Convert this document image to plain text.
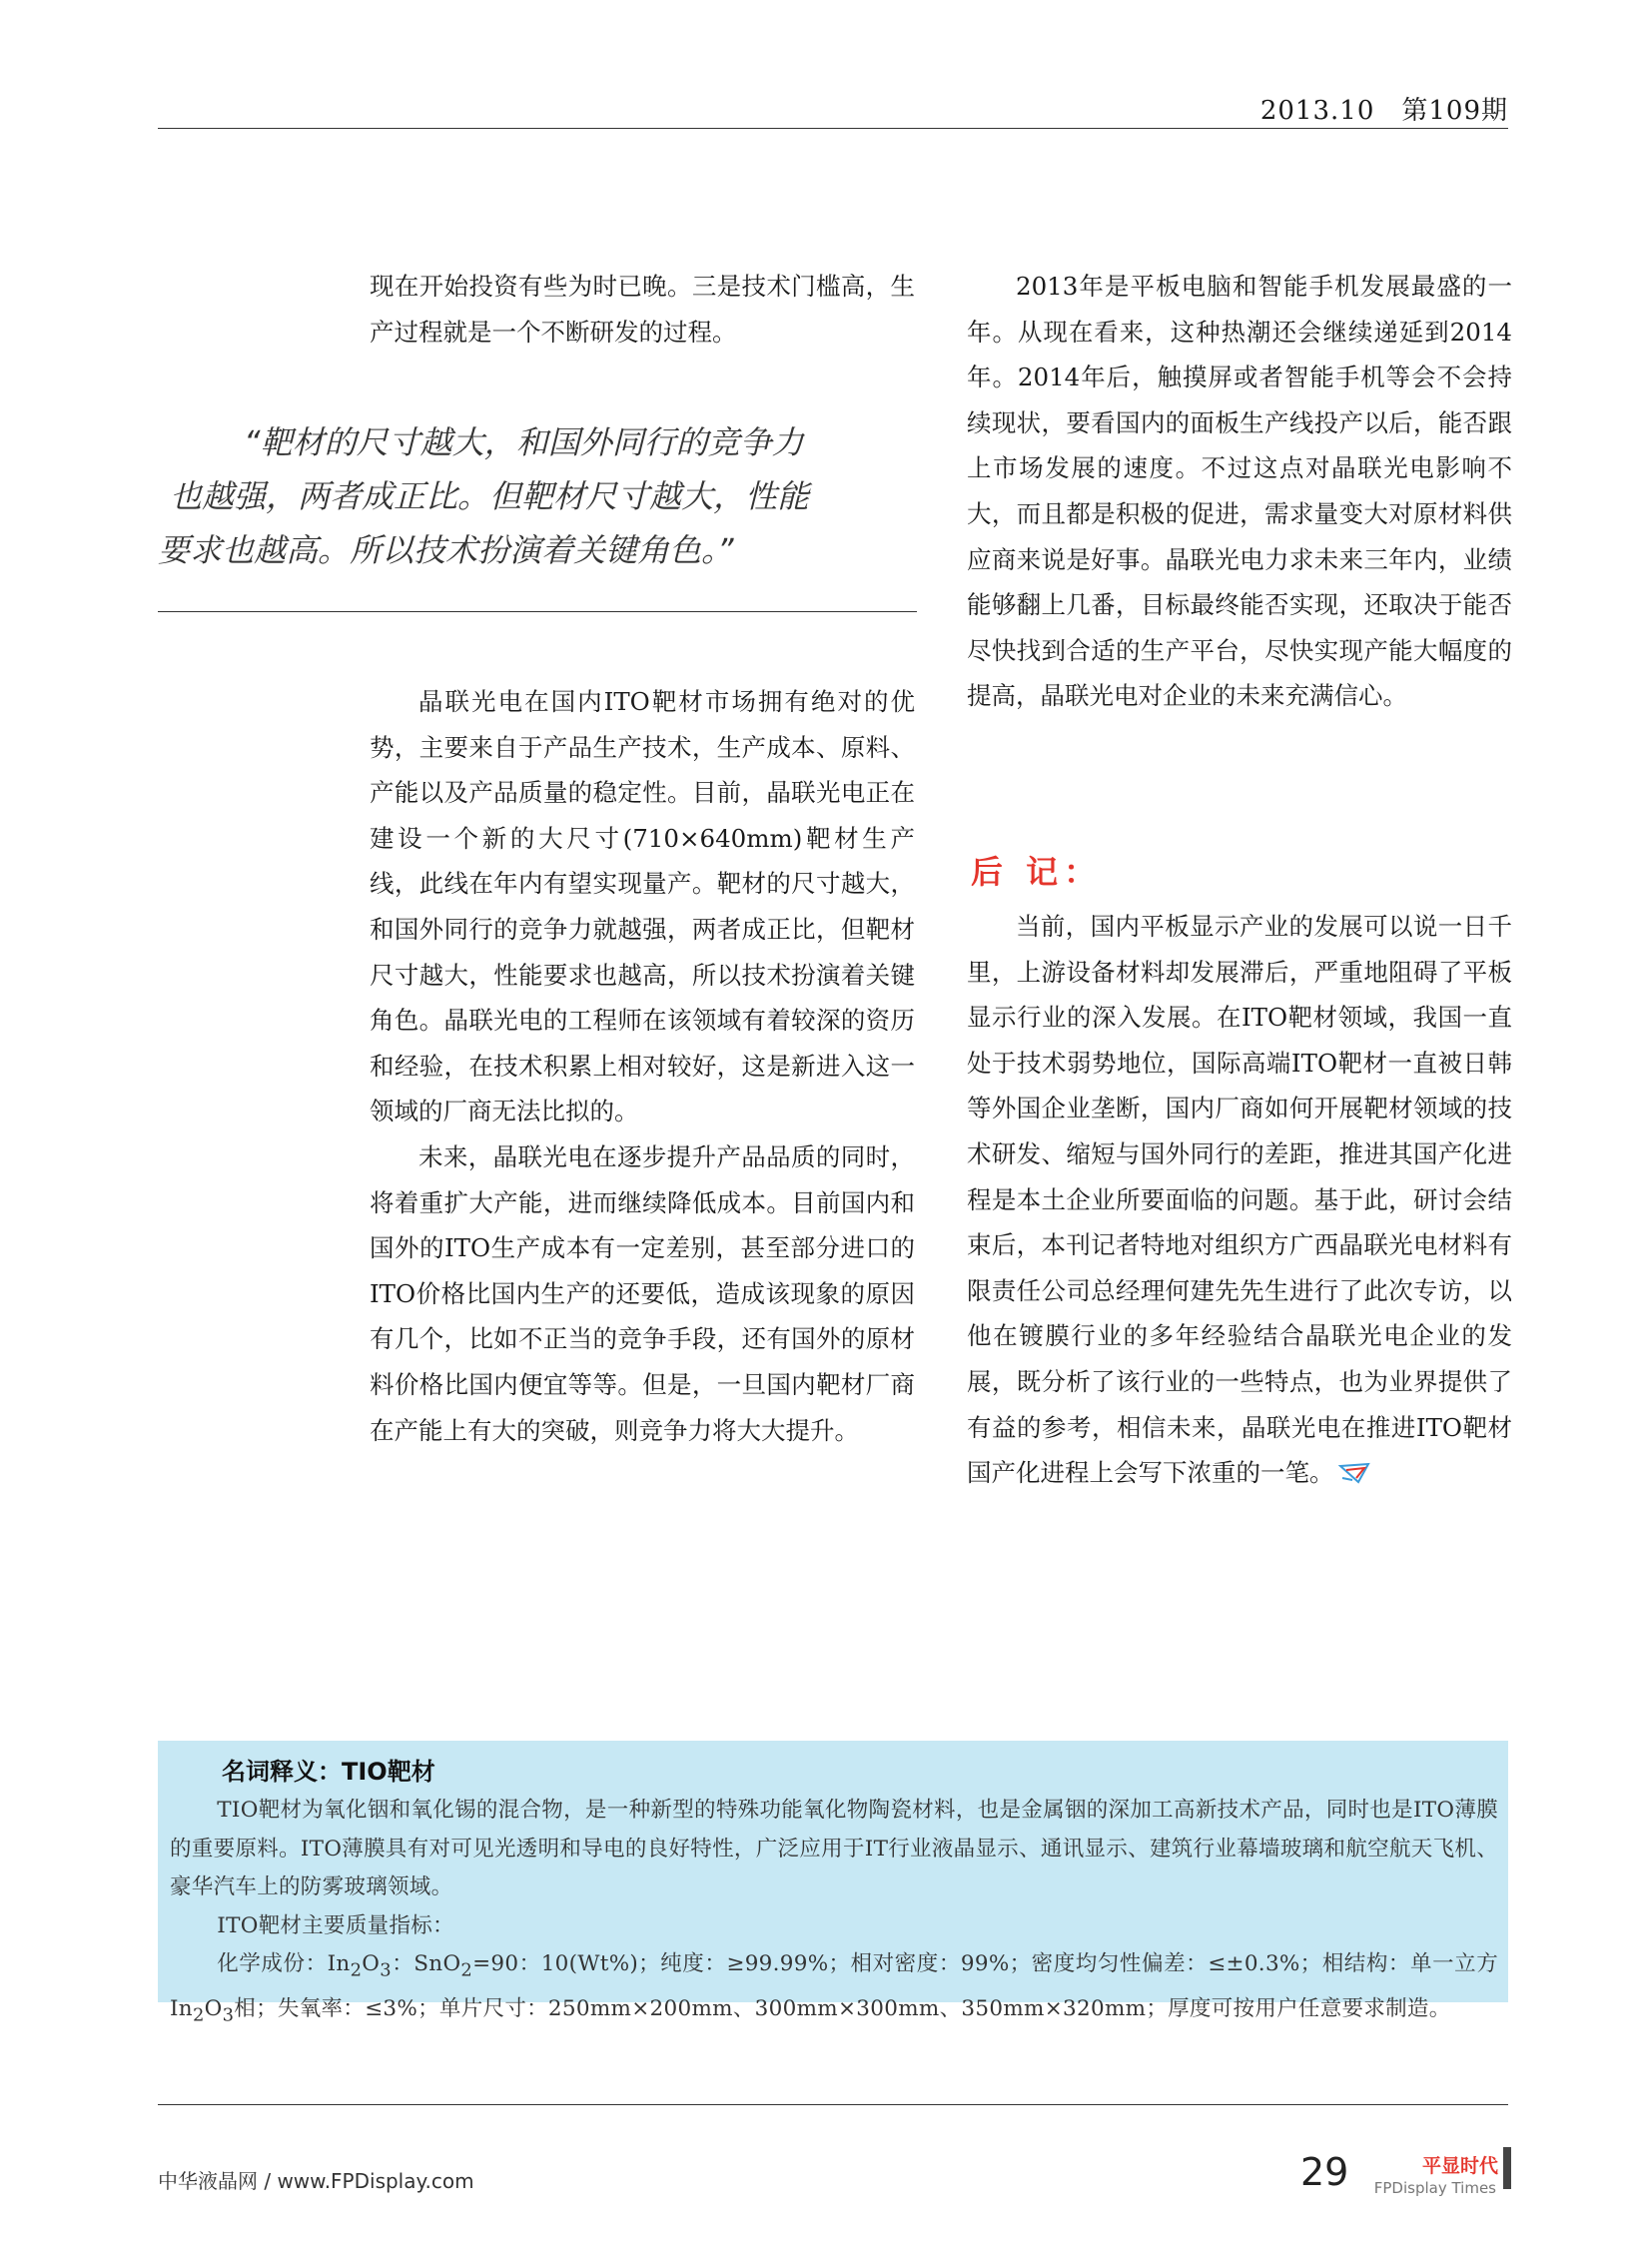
2013.10　第109期

现在开始投资有些为时已晚。三是技术门槛高，生产过程就是一个不断研发的过程。

“靶材的尺寸越大，和国外同行的竞争力
也越强，两者成正比。但靶材尺寸越大，性能
要求也越高。所以技术扮演着关键角色。”

晶联光电在国内ITO靶材市场拥有绝对的优势，主要来自于产品生产技术，生产成本、原料、产能以及产品质量的稳定性。目前，晶联光电正在建设一个新的大尺寸(710×640mm)靶材生产线，此线在年内有望实现量产。靶材的尺寸越大，和国外同行的竞争力就越强，两者成正比，但靶材尺寸越大，性能要求也越高，所以技术扮演着关键角色。晶联光电的工程师在该领域有着较深的资历和经验，在技术积累上相对较好，这是新进入这一领域的厂商无法比拟的。

未来，晶联光电在逐步提升产品品质的同时，将着重扩大产能，进而继续降低成本。目前国内和国外的ITO生产成本有一定差别，甚至部分进口的ITO价格比国内生产的还要低，造成该现象的原因有几个，比如不正当的竞争手段，还有国外的原材料价格比国内便宜等等。但是，一旦国内靶材厂商在产能上有大的突破，则竞争力将大大提升。

2013年是平板电脑和智能手机发展最盛的一年。从现在看来，这种热潮还会继续递延到2014年。2014年后，触摸屏或者智能手机等会不会持续现状，要看国内的面板生产线投产以后，能否跟上市场发展的速度。不过这点对晶联光电影响不大，而且都是积极的促进，需求量变大对原材料供应商来说是好事。晶联光电力求未来三年内，业绩能够翻上几番，目标最终能否实现，还取决于能否尽快找到合适的生产平台，尽快实现产能大幅度的提高，晶联光电对企业的未来充满信心。

后 记：

当前，国内平板显示产业的发展可以说一日千里，上游设备材料却发展滞后，严重地阻碍了平板显示行业的深入发展。在ITO靶材领域，我国一直处于技术弱势地位，国际高端ITO靶材一直被日韩等外国企业垄断，国内厂商如何开展靶材领域的技术研发、缩短与国外同行的差距，推进其国产化进程是本土企业所要面临的问题。基于此，研讨会结束后，本刊记者特地对组织方广西晶联光电材料有限责任公司总经理何建先先生进行了此次专访，以他在镀膜行业的多年经验结合晶联光电企业的发展，既分析了该行业的一些特点，也为业界提供了有益的参考，相信未来，晶联光电在推进ITO靶材国产化进程上会写下浓重的一笔。

名词释义：TIO靶材

TIO靶材为氧化铟和氧化锡的混合物，是一种新型的特殊功能氧化物陶瓷材料，也是金属铟的深加工高新技术产品，同时也是ITO薄膜的重要原料。ITO薄膜具有对可见光透明和导电的良好特性，广泛应用于IT行业液晶显示、通讯显示、建筑行业幕墙玻璃和航空航天飞机、豪华汽车上的防雾玻璃领域。

ITO靶材主要质量指标：

化学成份：$In_2O_3$：SnO$_2$=90：10(Wt%)；纯度：≥99.99%；相对密度：99%；密度均匀性偏差：≤±0.3%；相结构：单一立方$In_2O_3$相；失氧率：≤3%；单片尺寸：250mm×200mm、300mm×300mm、350mm×320mm；厚度可按用户任意要求制造。

中华液晶网 / www.FPDisplay.com	29	平显时代
FPDisplay Times
